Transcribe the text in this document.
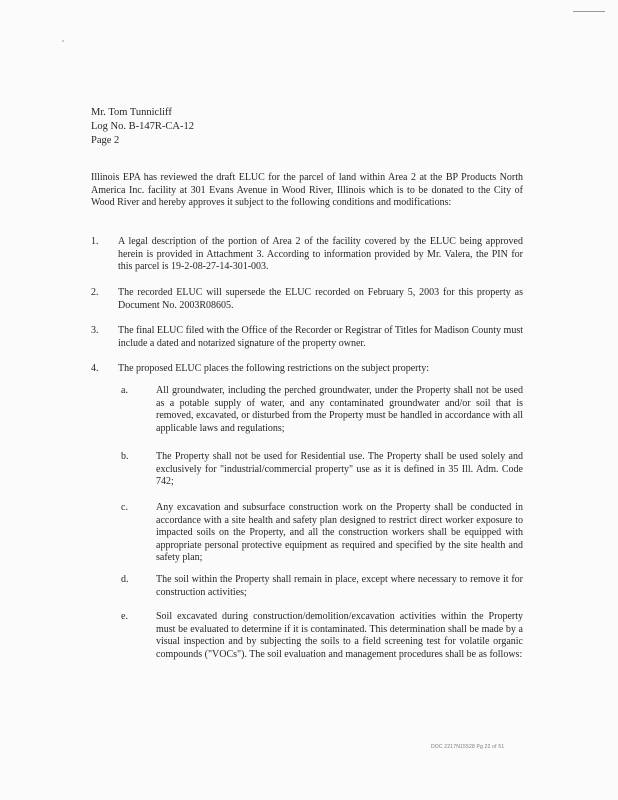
Mr. Tom Tunnicliff
Log No. B-147R-CA-12
Page 2
Illinois EPA has reviewed the draft ELUC for the parcel of land within Area 2 at the BP Products North America Inc. facility at 301 Evans Avenue in Wood River, Illinois which is to be donated to the City of Wood River and hereby approves it subject to the following conditions and modifications:
1.	A legal description of the portion of Area 2 of the facility covered by the ELUC being approved herein is provided in Attachment 3. According to information provided by Mr. Valera, the PIN for this parcel is 19-2-08-27-14-301-003.
2.	The recorded ELUC will supersede the ELUC recorded on February 5, 2003 for this property as Document No. 2003R08605.
3.	The final ELUC filed with the Office of the Recorder or Registrar of Titles for Madison County must include a dated and notarized signature of the property owner.
4.	The proposed ELUC places the following restrictions on the subject property:
a.	All groundwater, including the perched groundwater, under the Property shall not be used as a potable supply of water, and any contaminated groundwater and/or soil that is removed, excavated, or disturbed from the Property must be handled in accordance with all applicable laws and regulations;
b.	The Property shall not be used for Residential use. The Property shall be used solely and exclusively for "industrial/commercial property" use as it is defined in 35 Ill. Adm. Code 742;
c.	Any excavation and subsurface construction work on the Property shall be conducted in accordance with a site health and safety plan designed to restrict direct worker exposure to impacted soils on the Property, and all the construction workers shall be equipped with appropriate personal protective equipment as required and specified by the site health and safety plan;
d.	The soil within the Property shall remain in place, except where necessary to remove it for construction activities;
e.	Soil excavated during construction/demolition/excavation activities within the Property must be evaluated to determine if it is contaminated. This determination shall be made by a visual inspection and by subjecting the soils to a field screening test for volatile organic compounds ("VOCs"). The soil evaluation and management procedures shall be as follows:
DOC 2217N15528 Pg 22 of 51
